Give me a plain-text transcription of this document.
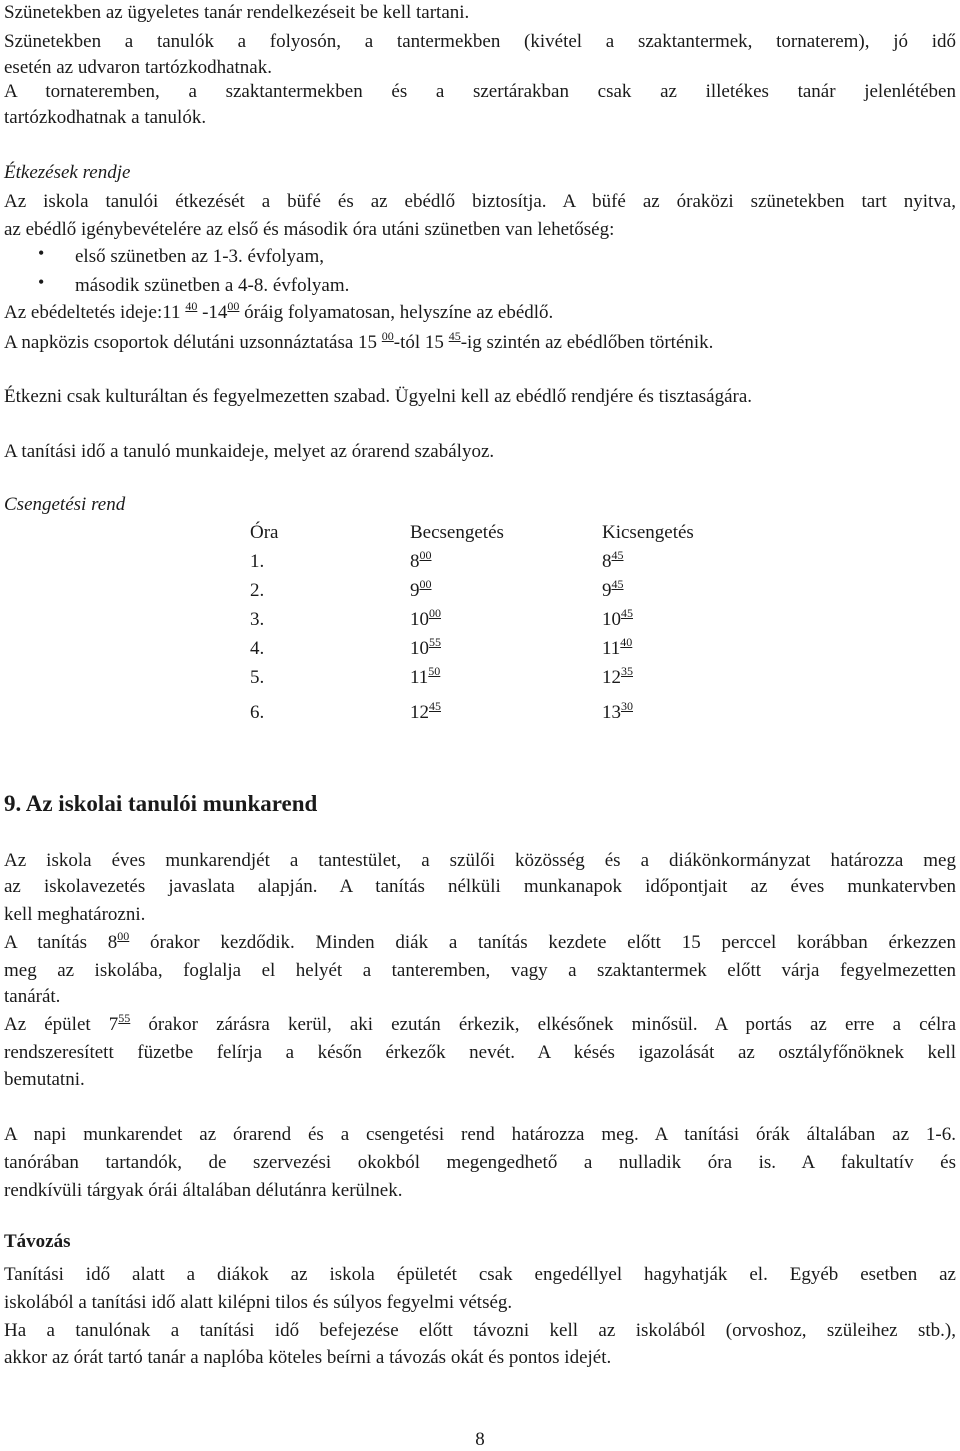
Szünetekben az ügyeletes tanár rendelkezéseit be kell tartani.
Szünetekben a tanulók a folyosón, a tantermekben (kivétel a szaktantermek, tornaterem), jó idő
esetén az udvaron tartózkodhatnak.
A tornateremben, a szaktantermekben és a szertárakban csak az illetékes tanár jelenlétében
tartózkodhatnak a tanulók.
Étkezések rendje
Az iskola tanulói étkezését a büfé és az ebédlő biztosítja. A büfé az óraközi szünetekben tart nyitva,
az ebédlő igénybevételére az első és második óra utáni szünetben van lehetőség:
• első szünetben az 1-3. évfolyam,
• második szünetben a 4-8. évfolyam.
Az ebédeltetés ideje:11 $^{40}$ $-14^{00}$ óráig folyamatosan, helyszíne az ebédlő.
A napközis csoportok délutáni uzsonnáztatása 15 $^{00}$-tól 15 $^{45}$-ig szintén az ebédlőben történik.
Étkezni csak kulturáltan és fegyelmezetten szabad. Ügyelni kell az ebédlő rendjére és tisztaságára.
A tanítási idő a tanuló munkaideje, melyet az órarend szabályoz.
Csengetési rend
Óra	Becsengetés	Kicsengetés
1.	$8^{00}$	$8^{45}$
2.	$9^{00}$	$9^{45}$
3.	$10^{00}$	$10^{45}$
4.	$10^{55}$	$11^{40}$
5.	$11^{50}$	$12^{35}$
6.	$12^{45}$	$13^{30}$
9. Az iskolai tanulói munkarend
Az iskola éves munkarendjét a tantestület, a szülői közösség és a diákönkormányzat határozza meg
az iskolavezetés javaslata alapján. A tanítás nélküli munkanapok időpontjait az éves munkatervben
kell meghatározni.
A tanítás $8^{00}$ órakor kezdődik. Minden diák a tanítás kezdete előtt 15 perccel korábban érkezzen
meg az iskolába, foglalja el helyét a tanteremben, vagy a szaktantermek előtt várja fegyelmezetten
tanárát.
Az épület $7^{55}$ órakor zárásra kerül, aki ezután érkezik, elkésőnek minősül. A portás az erre a célra
rendszeresített füzetbe felírja a későn érkezők nevét. A késés igazolását az osztályfőnöknek kell
bemutatni.
A napi munkarendet az órarend és a csengetési rend határozza meg. A tanítási órák általában az 1-6.
tanórában tartandók, de szervezési okokból megengedhető a nulladik óra is. A fakultatív és
rendkívüli tárgyak órái általában délutánra kerülnek.
Távozás
Tanítási idő alatt a diákok az iskola épületét csak engedéllyel hagyhatják el. Egyéb esetben az
iskolából a tanítási idő alatt kilépni tilos és súlyos fegyelmi vétség.
Ha a tanulónak a tanítási idő befejezése előtt távozni kell az iskolából (orvoshoz, szüleihez stb.),
akkor az órát tartó tanár a naplóba köteles beírni a távozás okát és pontos idejét.
8
